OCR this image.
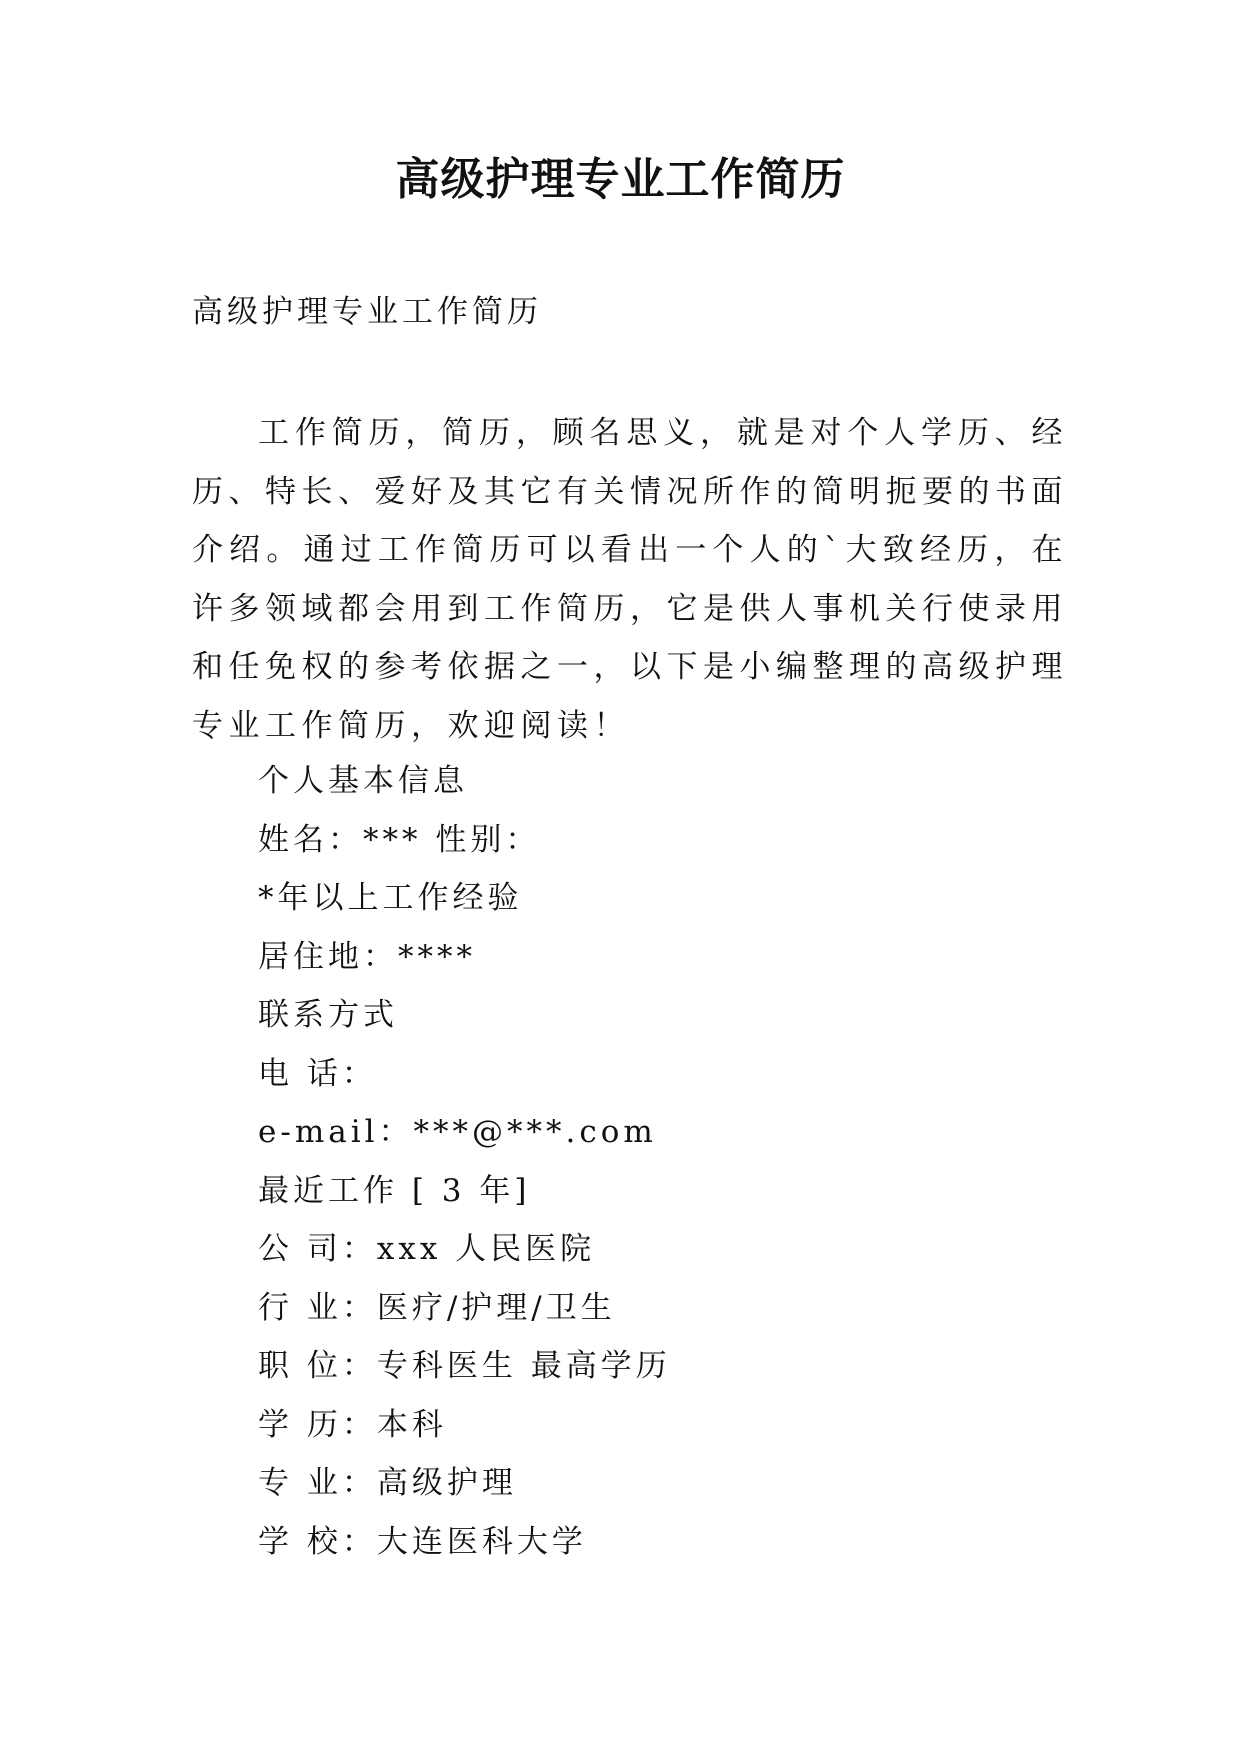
高级护理专业工作简历
高级护理专业工作简历

工作简历，简历，顾名思义，就是对个人学历、经历、特长、爱好及其它有关情况所作的简明扼要的书面介绍。通过工作简历可以看出一个人的`大致经历，在许多领域都会用到工作简历，它是供人事机关行使录用和任免权的参考依据之一，以下是小编整理的高级护理专业工作简历，欢迎阅读！

个人基本信息
姓名：*** 性别：
*年以上工作经验
居住地：****
联系方式
电 话：
e-mail：***@***.com
最近工作 [ 3 年]
公 司：xxx 人民医院
行 业：医疗/护理/卫生
职 位：专科医生 最高学历
学 历：本科
专 业：高级护理
学 校：大连医科大学
